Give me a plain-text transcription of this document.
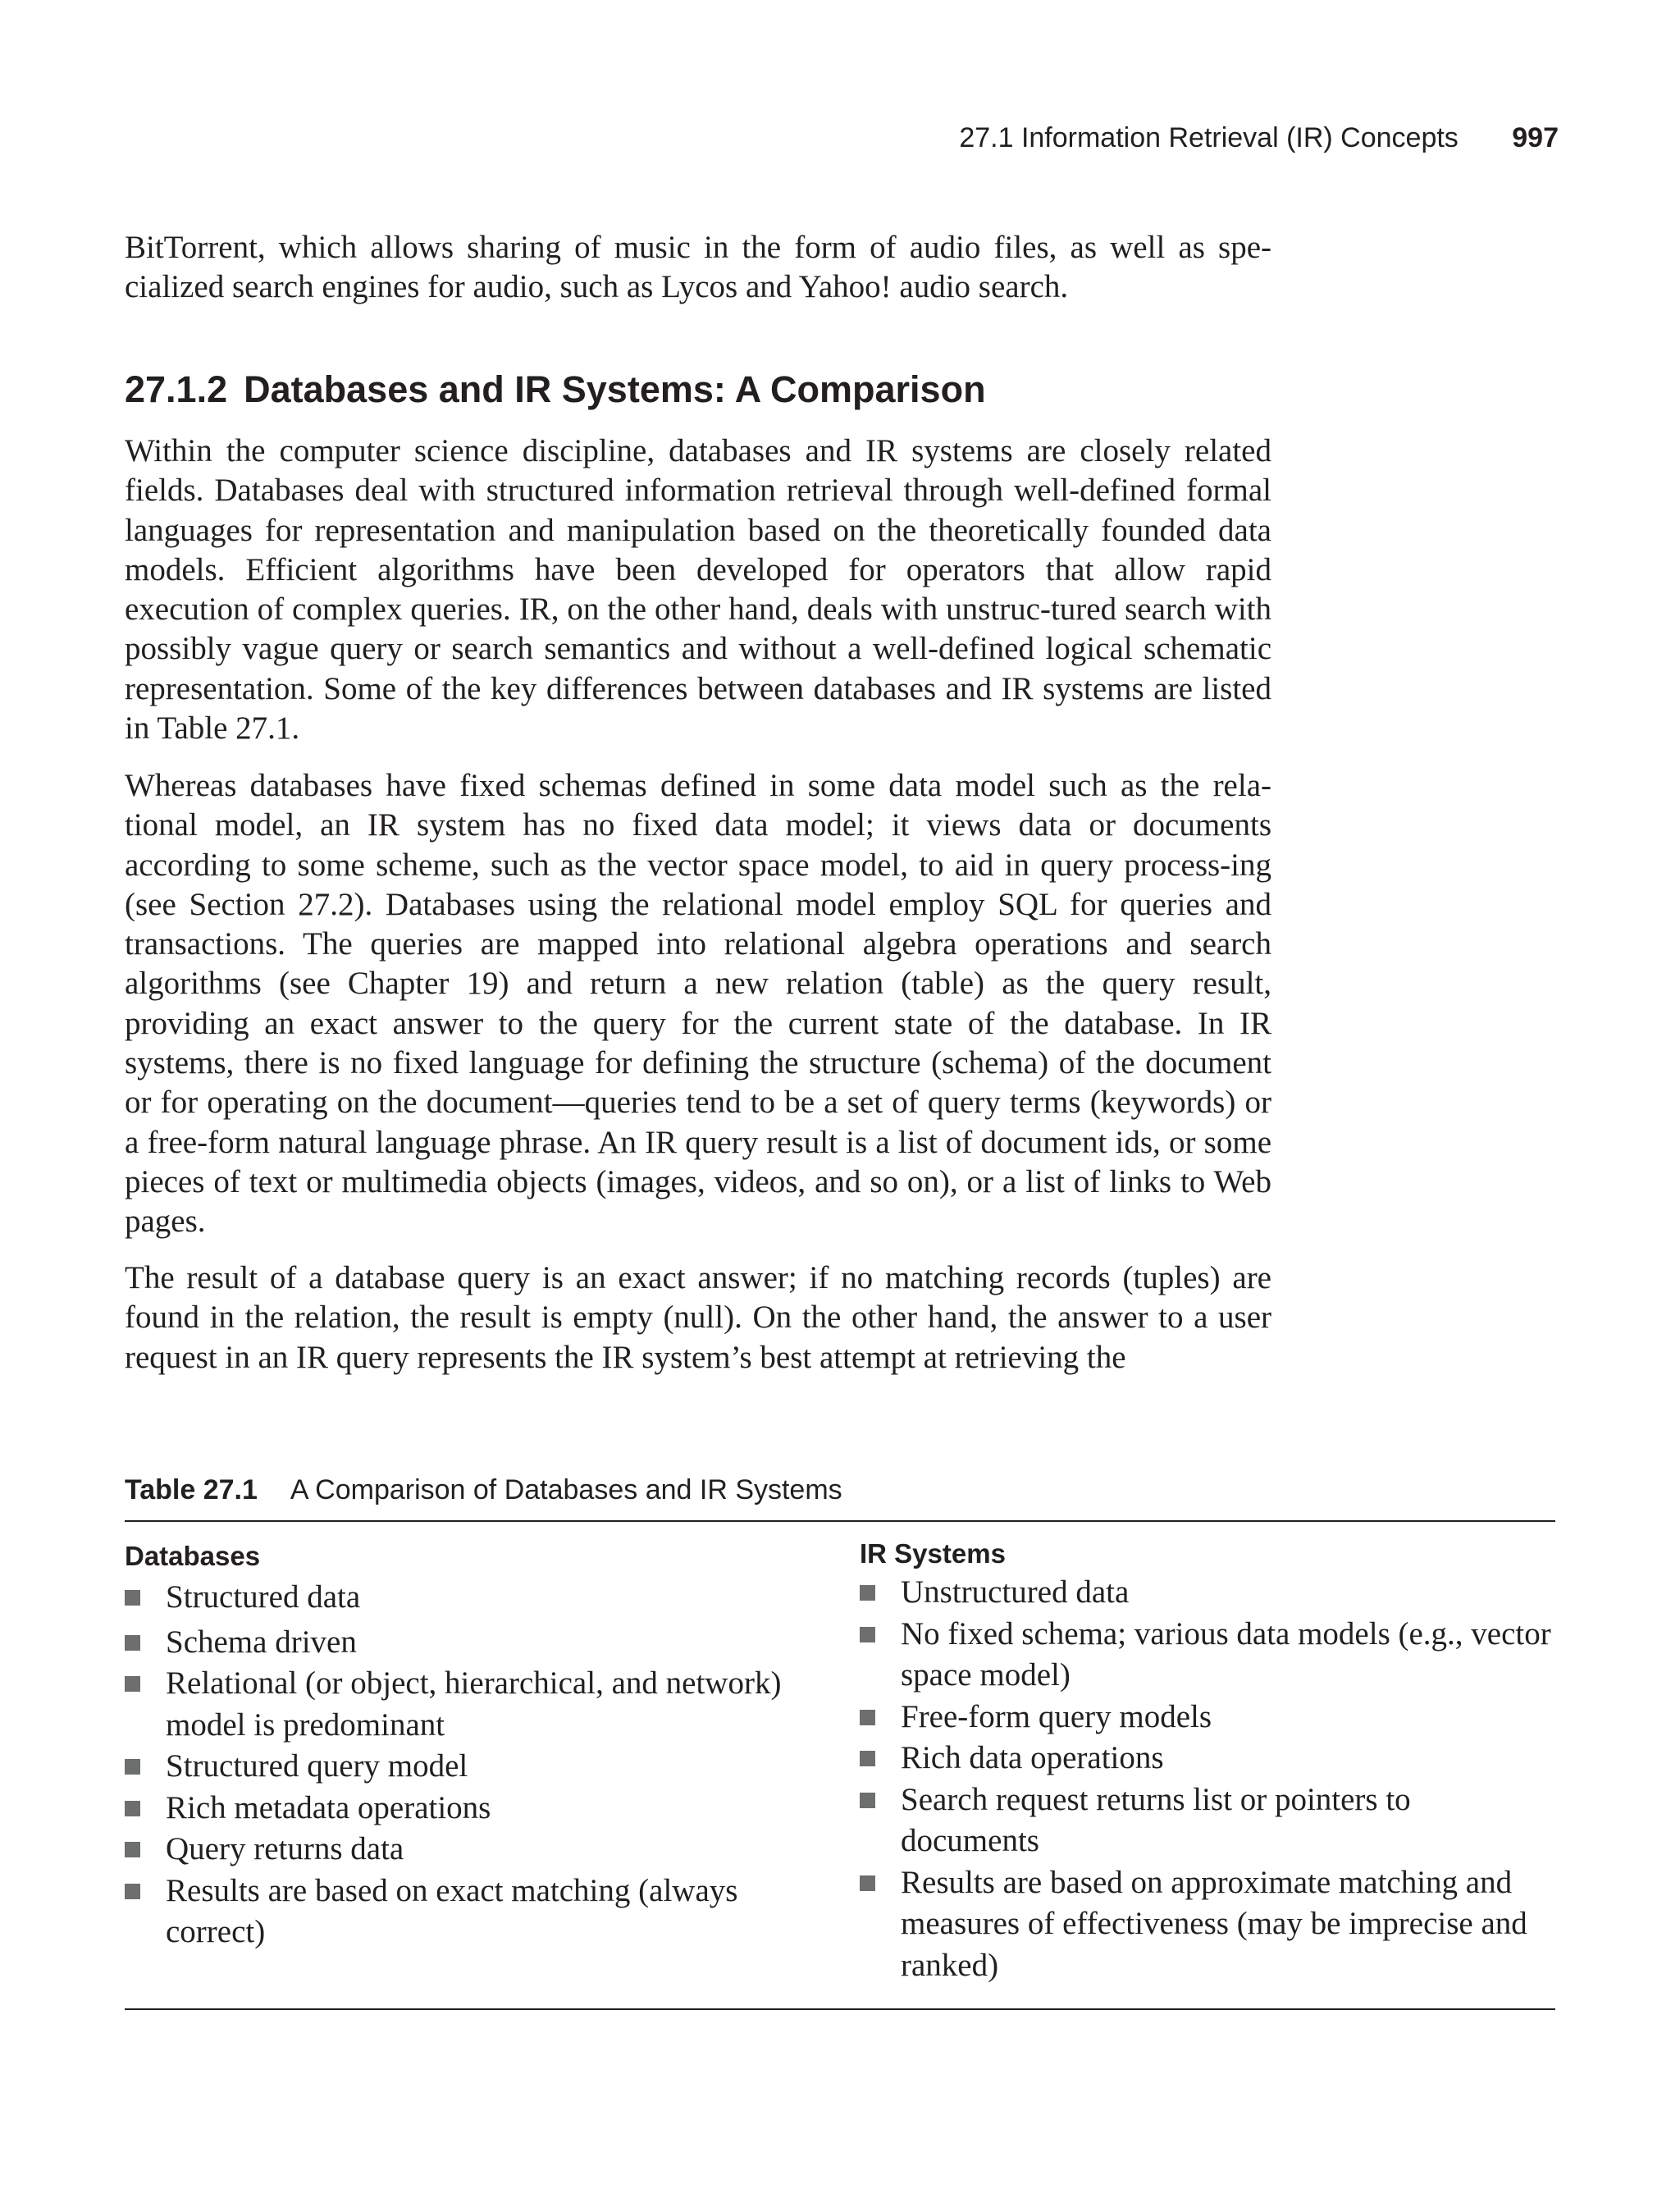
27.1 Information Retrieval (IR) Concepts 997

BitTorrent, which allows sharing of music in the form of audio files, as well as spe-cialized search engines for audio, such as Lycos and Yahoo! audio search.

27.1.2 Databases and IR Systems: A Comparison

Within the computer science discipline, databases and IR systems are closely related fields. Databases deal with structured information retrieval through well-defined formal languages for representation and manipulation based on the theoretically founded data models. Efficient algorithms have been developed for operators that allow rapid execution of complex queries. IR, on the other hand, deals with unstruc-tured search with possibly vague query or search semantics and without a well-defined logical schematic representation. Some of the key differences between databases and IR systems are listed in Table 27.1.

Whereas databases have fixed schemas defined in some data model such as the rela-tional model, an IR system has no fixed data model; it views data or documents according to some scheme, such as the vector space model, to aid in query process-ing (see Section 27.2). Databases using the relational model employ SQL for queries and transactions. The queries are mapped into relational algebra operations and search algorithms (see Chapter 19) and return a new relation (table) as the query result, providing an exact answer to the query for the current state of the database. In IR systems, there is no fixed language for defining the structure (schema) of the document or for operating on the document—queries tend to be a set of query terms (keywords) or a free-form natural language phrase. An IR query result is a list of document ids, or some pieces of text or multimedia objects (images, videos, and so on), or a list of links to Web pages.

The result of a database query is an exact answer; if no matching records (tuples) are found in the relation, the result is empty (null). On the other hand, the answer to a user request in an IR query represents the IR system’s best attempt at retrieving the

Table 27.1 A Comparison of Databases and IR Systems
Databases
Structured data
Schema driven
Relational (or object, hierarchical, and network) model is predominant
Structured query model
Rich metadata operations
Query returns data
Results are based on exact matching (always correct)
IR Systems
Unstructured data
No fixed schema; various data models (e.g., vector space model)
Free-form query models
Rich data operations
Search request returns list or pointers to documents
Results are based on approximate matching and measures of effectiveness (may be imprecise and ranked)
